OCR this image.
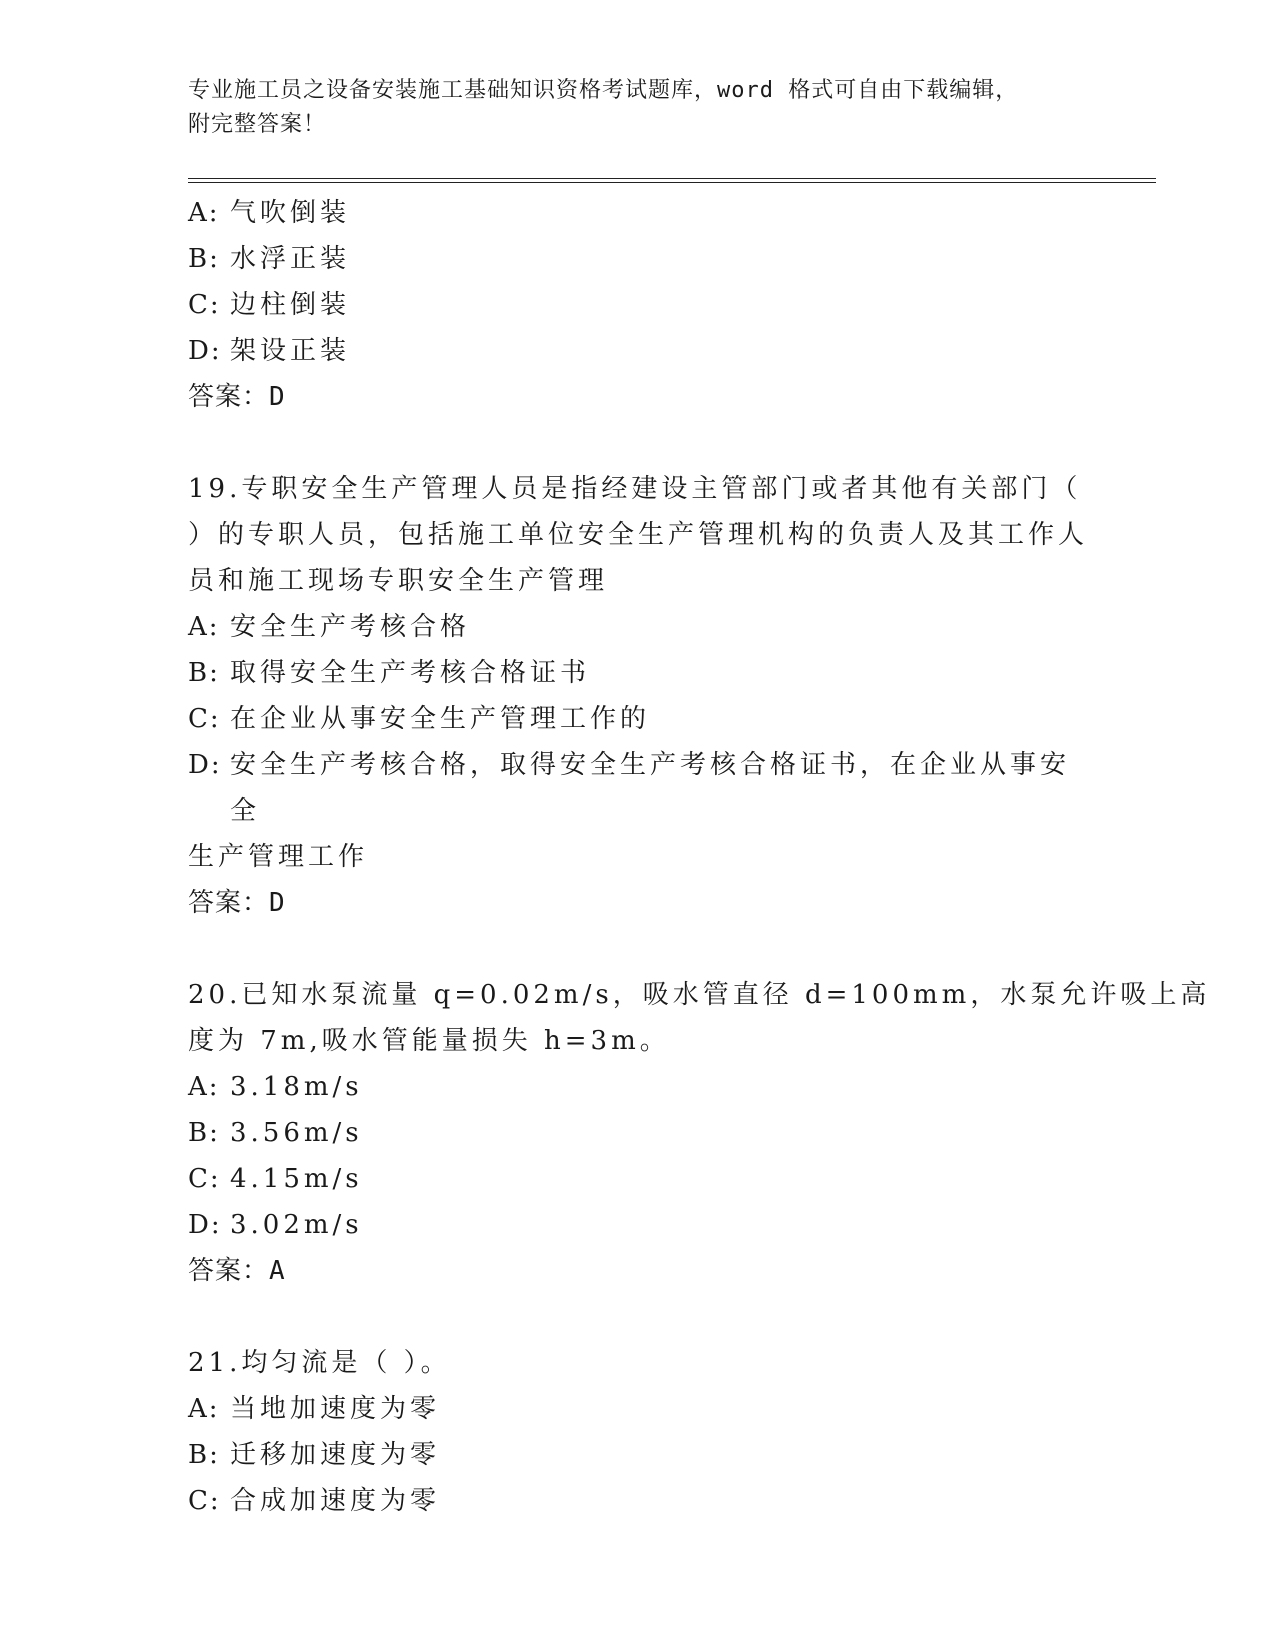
专业施工员之设备安装施工基础知识资格考试题库，word 格式可自由下载编辑，
附完整答案！
A: 气吹倒装
B: 水浮正装
C: 边柱倒装
D: 架设正装
答案：D
19.专职安全生产管理人员是指经建设主管部门或者其他有关部门（
）的专职人员，包括施工单位安全生产管理机构的负责人及其工作人
员和施工现场专职安全生产管理
A: 安全生产考核合格
B: 取得安全生产考核合格证书
C: 在企业从事安全生产管理工作的
D: 安全生产考核合格，取得安全生产考核合格证书，在企业从事安全
生产管理工作
答案：D
20.已知水泵流量 q=0.02m/s，吸水管直径 d=100mm，水泵允许吸上高
度为 7m,吸水管能量损失 h=3m。
A: 3.18m/s
B: 3.56m/s
C: 4.15m/s
D: 3.02m/s
答案：A
21.均匀流是（ ）。
A: 当地加速度为零
B: 迁移加速度为零
C: 合成加速度为零
